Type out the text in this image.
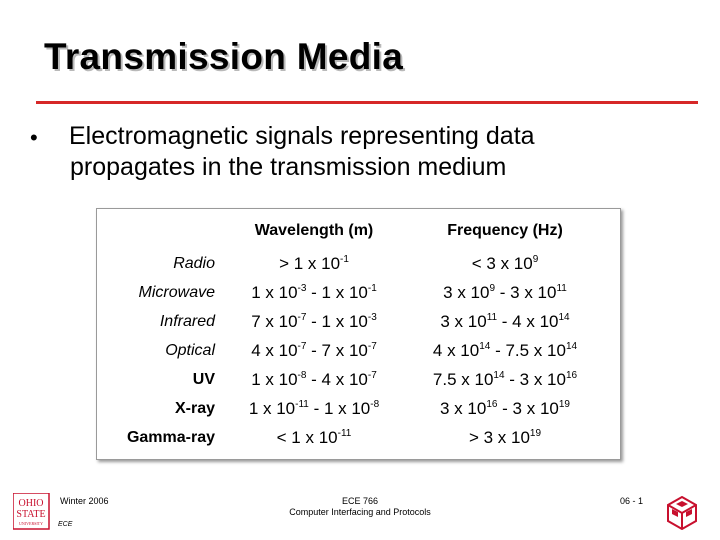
Transmission Media
• Electromagnetic signals representing data
propagates in the transmission medium
	Wavelength (m)	Frequency (Hz)
Radio	> 1 x $10^{-1}$	< 3 x $10^9$
Microwave	1 x $10^{-3} - 1$ x $10^{-1}$	3 x $10^9 - 3$ x $10^{11}$
Infrared	7 x $10^{-7} - 1$ x $10^{-3}$	3 x $10^{11} - 4$ x $10^{14}$
Optical	4 x $10^{-7} - 7$ x $10^{-7}$	4 x $10^{14} - 7.5$ x $10^{14}$
UV	1 x $10^{-8} - 4$ x $10^{-7}$	7.5 x $10^{14} - 3$ x $10^{16}$
X-ray	1 x $10^{-11} - 1$ x $10^{-8}$	3 x $10^{16} - 3$ x $10^{19}$
Gamma-ray	< 1 x $10^{-11}$	> 3 x $10^{19}$
OHIO
STATE
UNIVERSITY ECE
Winter 2006	ECE 766
Computer Interfacing and Protocols
06 - 1
